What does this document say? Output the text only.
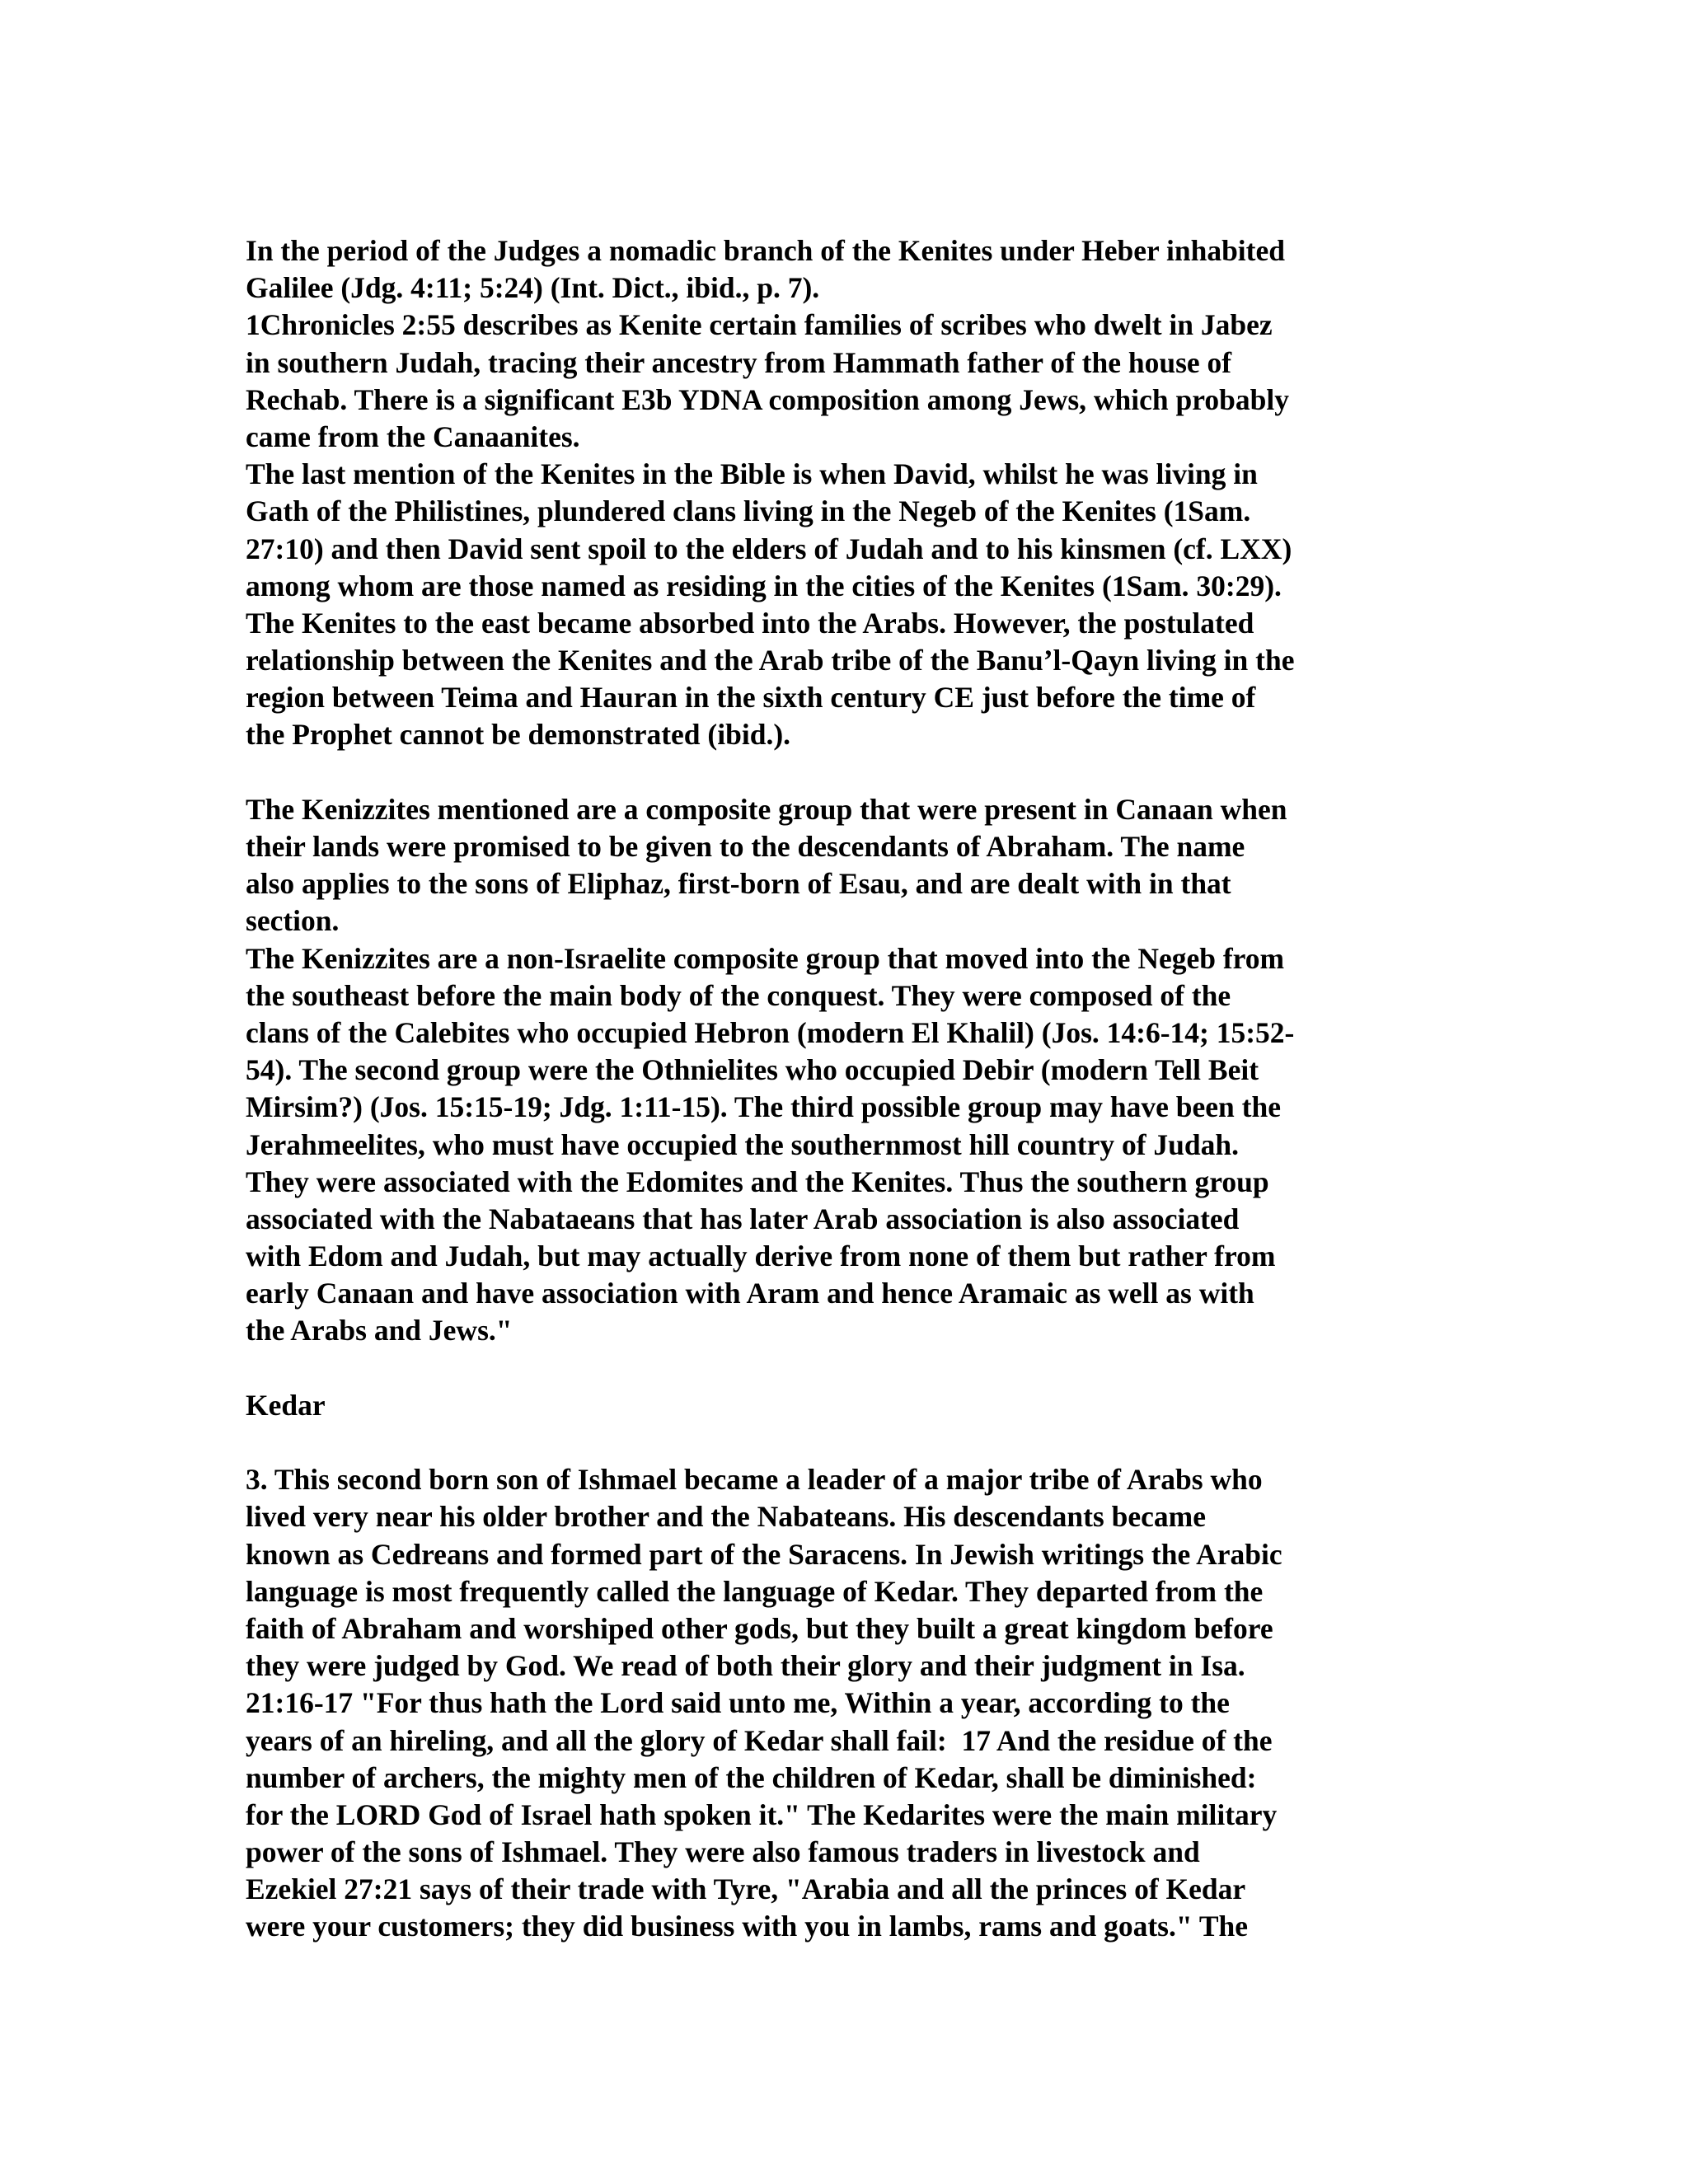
In the period of the Judges a nomadic branch of the Kenites under Heber inhabited
Galilee (Jdg. 4:11; 5:24) (Int. Dict., ibid., p. 7).
1Chronicles 2:55 describes as Kenite certain families of scribes who dwelt in Jabez
in southern Judah, tracing their ancestry from Hammath father of the house of
Rechab. There is a significant E3b YDNA composition among Jews, which probably
came from the Canaanites.
The last mention of the Kenites in the Bible is when David, whilst he was living in
Gath of the Philistines, plundered clans living in the Negeb of the Kenites (1Sam.
27:10) and then David sent spoil to the elders of Judah and to his kinsmen (cf. LXX)
among whom are those named as residing in the cities of the Kenites (1Sam. 30:29).
The Kenites to the east became absorbed into the Arabs. However, the postulated
relationship between the Kenites and the Arab tribe of the Banu’l-Qayn living in the
region between Teima and Hauran in the sixth century CE just before the time of
the Prophet cannot be demonstrated (ibid.).
The Kenizzites mentioned are a composite group that were present in Canaan when
their lands were promised to be given to the descendants of Abraham. The name
also applies to the sons of Eliphaz, first-born of Esau, and are dealt with in that
section.
The Kenizzites are a non-Israelite composite group that moved into the Negeb from
the southeast before the main body of the conquest. They were composed of the
clans of the Calebites who occupied Hebron (modern El Khalil) (Jos. 14:6-14; 15:52-
54). The second group were the Othnielites who occupied Debir (modern Tell Beit
Mirsim?) (Jos. 15:15-19; Jdg. 1:11-15). The third possible group may have been the
Jerahmeelites, who must have occupied the southernmost hill country of Judah.
They were associated with the Edomites and the Kenites. Thus the southern group
associated with the Nabataeans that has later Arab association is also associated
with Edom and Judah, but may actually derive from none of them but rather from
early Canaan and have association with Aram and hence Aramaic as well as with
the Arabs and Jews."
Kedar
3. This second born son of Ishmael became a leader of a major tribe of Arabs who
lived very near his older brother and the Nabateans. His descendants became
known as Cedreans and formed part of the Saracens. In Jewish writings the Arabic
language is most frequently called the language of Kedar. They departed from the
faith of Abraham and worshiped other gods, but they built a great kingdom before
they were judged by God. We read of both their glory and their judgment in Isa.
21:16-17 "For thus hath the Lord said unto me, Within a year, according to the
years of an hireling, and all the glory of Kedar shall fail:  17 And the residue of the
number of archers, the mighty men of the children of Kedar, shall be diminished:
for the LORD God of Israel hath spoken it." The Kedarites were the main military
power of the sons of Ishmael. They were also famous traders in livestock and
Ezekiel 27:21 says of their trade with Tyre, "Arabia and all the princes of Kedar
were your customers; they did business with you in lambs, rams and goats." The
